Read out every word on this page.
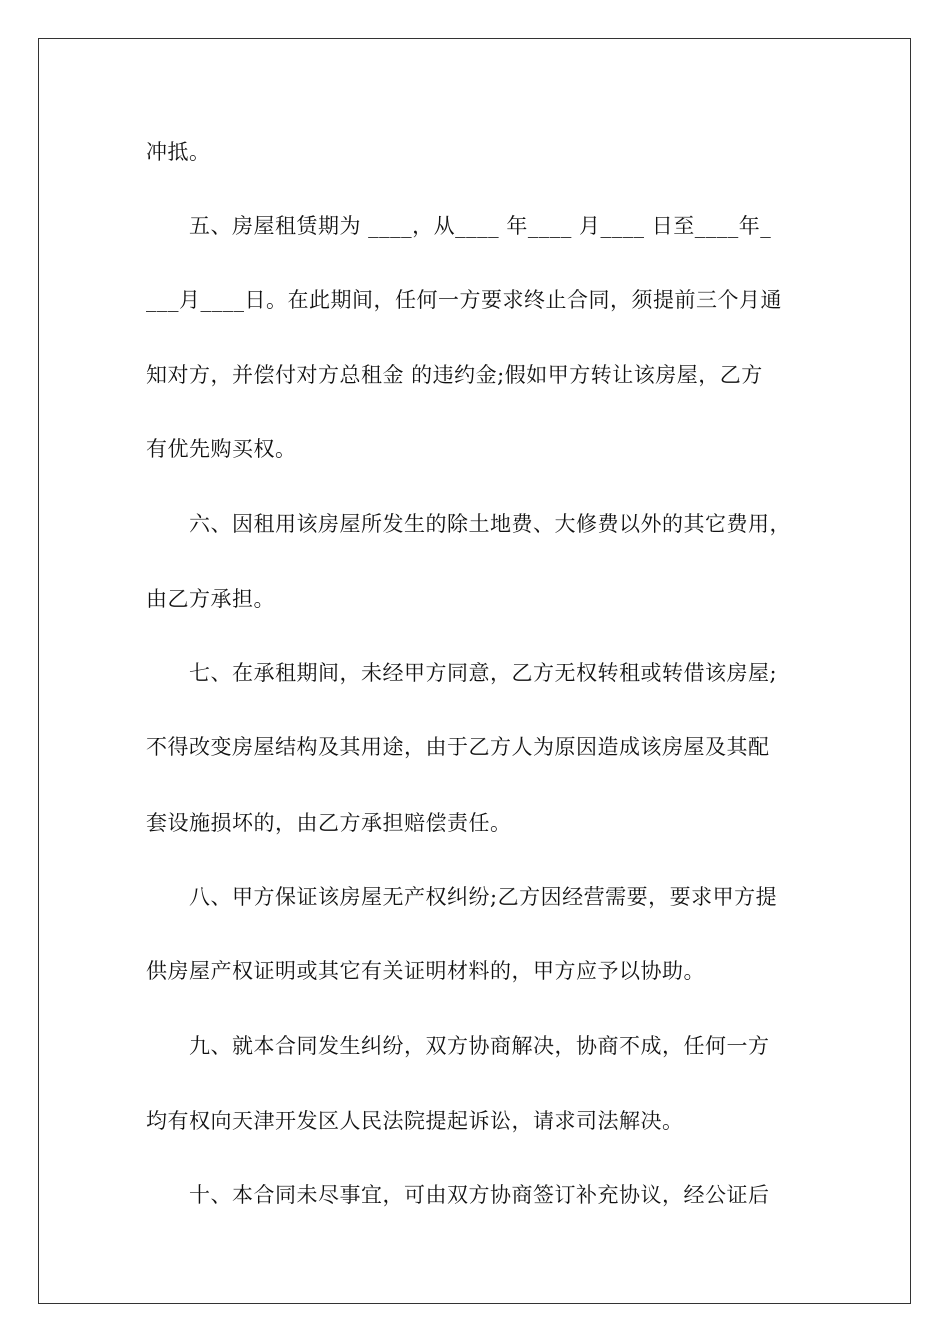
冲抵。
　　五、房屋租赁期为 ____，从____ 年____ 月____ 日至____年_
___月____日。在此期间，任何一方要求终止合同，须提前三个月通
知对方，并偿付对方总租金 的违约金;假如甲方转让该房屋，乙方
有优先购买权。
　　六、因租用该房屋所发生的除土地费、大修费以外的其它费用，
由乙方承担。
　　七、在承租期间，未经甲方同意，乙方无权转租或转借该房屋;
不得改变房屋结构及其用途，由于乙方人为原因造成该房屋及其配
套设施损坏的，由乙方承担赔偿责任。
　　八、甲方保证该房屋无产权纠纷;乙方因经营需要，要求甲方提
供房屋产权证明或其它有关证明材料的，甲方应予以协助。
　　九、就本合同发生纠纷，双方协商解决，协商不成，任何一方
均有权向天津开发区人民法院提起诉讼，请求司法解决。
　　十、本合同未尽事宜，可由双方协商签订补充协议，经公证后
